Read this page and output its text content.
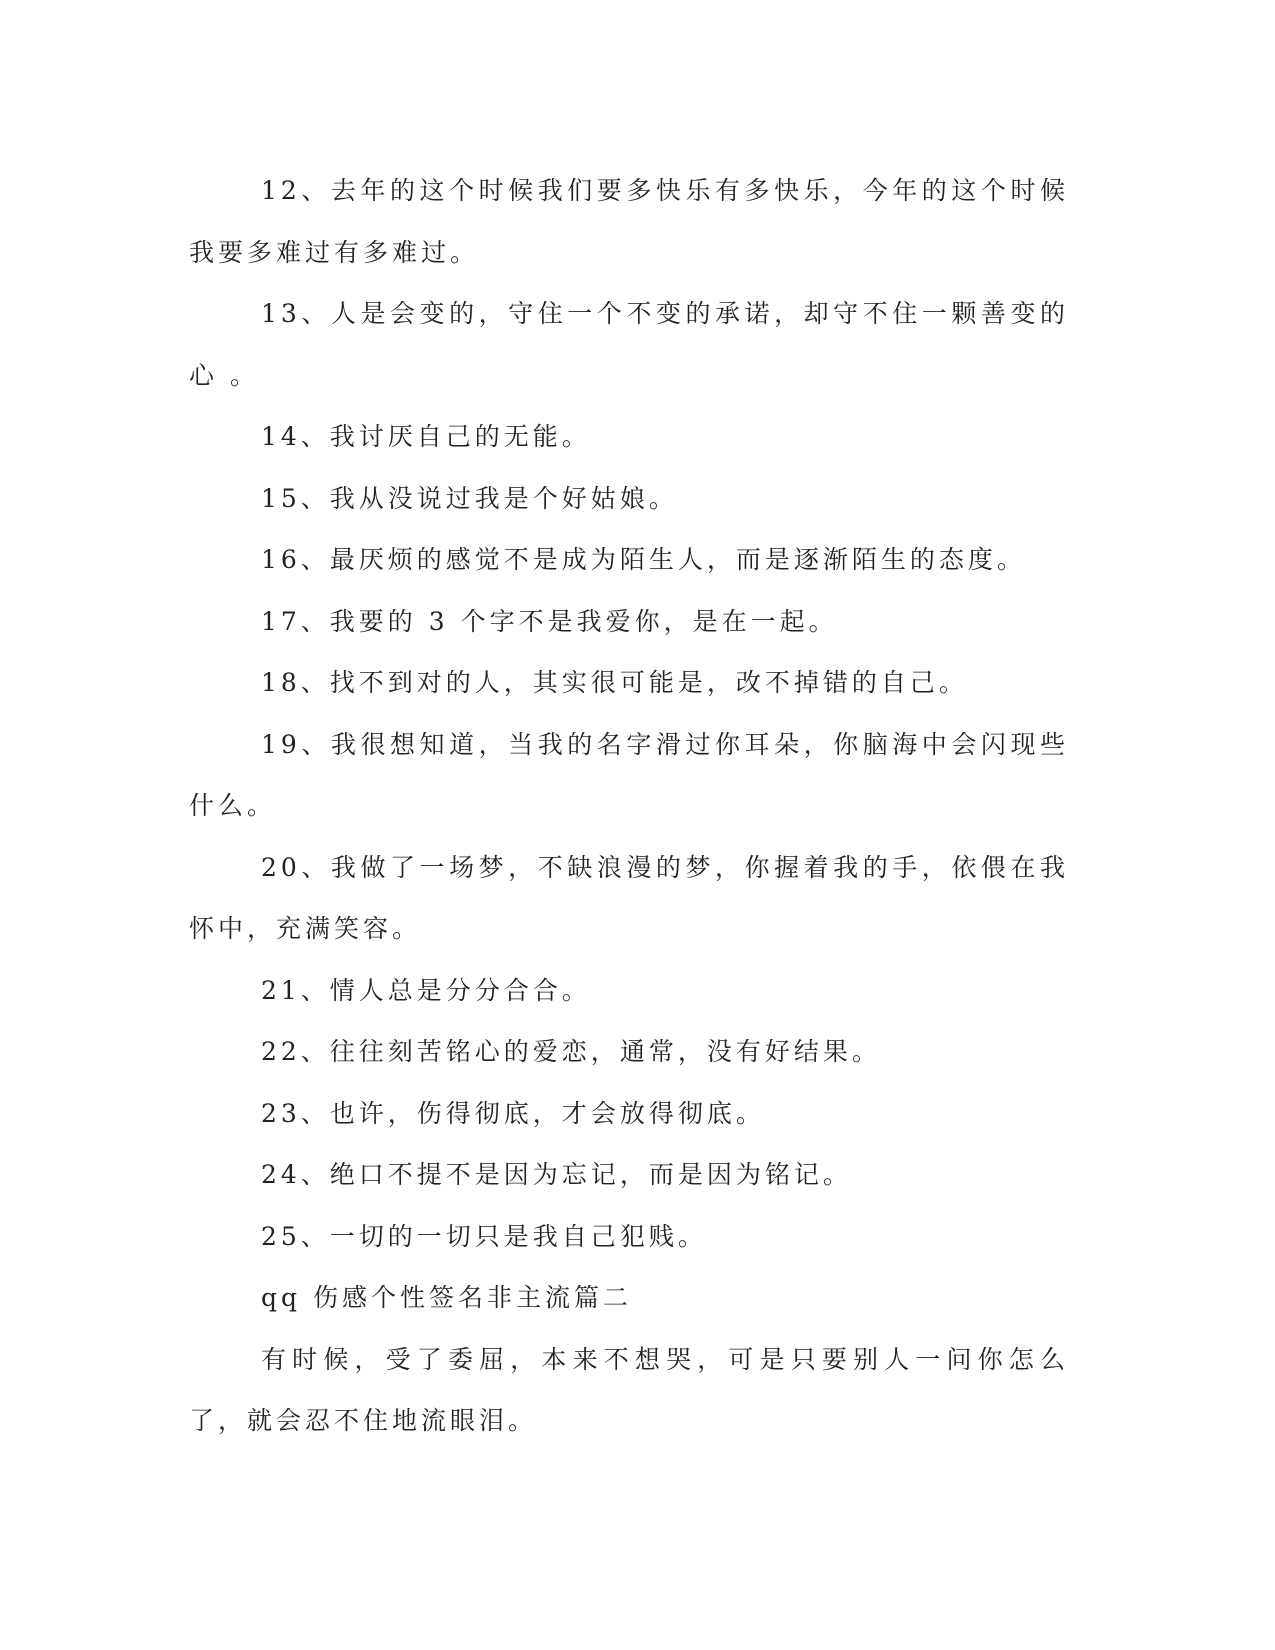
12、去年的这个时候我们要多快乐有多快乐，今年的这个时候我要多难过有多难过。

13、人是会变的，守住一个不变的承诺，却守不住一颗善变的心 。

14、我讨厌自己的无能。

15、我从没说过我是个好姑娘。

16、最厌烦的感觉不是成为陌生人，而是逐渐陌生的态度。

17、我要的 3 个字不是我爱你，是在一起。

18、找不到对的人，其实很可能是，改不掉错的自己。

19、我很想知道，当我的名字滑过你耳朵，你脑海中会闪现些什么。

20、我做了一场梦，不缺浪漫的梦，你握着我的手，依偎在我怀中，充满笑容。

21、情人总是分分合合。

22、往往刻苦铭心的爱恋，通常，没有好结果。

23、也许，伤得彻底，才会放得彻底。

24、绝口不提不是因为忘记，而是因为铭记。

25、一切的一切只是我自己犯贱。

qq 伤感个性签名非主流篇二

有时候，受了委屈，本来不想哭，可是只要别人一问你怎么了，就会忍不住地流眼泪。
